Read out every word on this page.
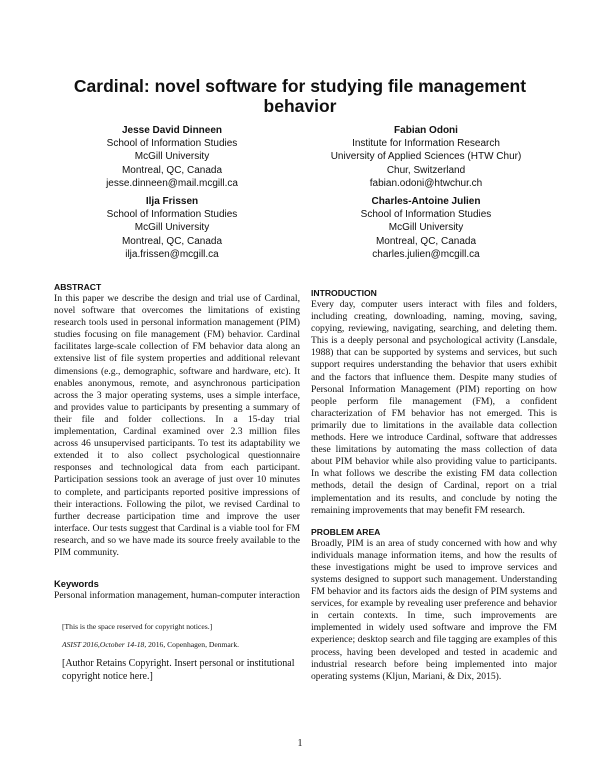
Cardinal: novel software for studying file management
behavior
Jesse David Dinneen
School of Information Studies
McGill University
Montreal, QC, Canada
jesse.dinneen@mail.mcgill.ca
Fabian Odoni
Institute for Information Research
University of Applied Sciences (HTW Chur)
Chur, Switzerland
fabian.odoni@htwchur.ch
Ilja Frissen
School of Information Studies
McGill University
Montreal, QC, Canada
ilja.frissen@mcgill.ca
Charles-Antoine Julien
School of Information Studies
McGill University
Montreal, QC, Canada
charles.julien@mcgill.ca
ABSTRACT

In this paper we describe the design and trial use of Cardinal, novel software that overcomes the limitations of existing research tools used in personal information management (PIM) studies focusing on file management (FM) behavior. Cardinal facilitates large-scale collection of FM behavior data along an extensive list of file system properties and additional relevant dimensions (e.g., demographic, software and hardware, etc). It enables anonymous, remote, and asynchronous participation across the 3 major operating systems, uses a simple interface, and provides value to participants by presenting a summary of their file and folder collections. In a 15-day trial implementation, Cardinal examined over 2.3 million files across 46 unsupervised participants. To test its adaptability we extended it to also collect psychological questionnaire responses and technological data from each participant. Participation sessions took an average of just over 10 minutes to complete, and participants reported positive impressions of their interactions. Following the pilot, we revised Cardinal to further decrease participation time and improve the user interface. Our tests suggest that Cardinal is a viable tool for FM research, and so we have made its source freely available to the PIM community.

Keywords

Personal information management, human-computer interaction

[This is the space reserved for copyright notices.]
ASIST 2016,October 14-18, 2016, Copenhagen, Denmark.

[Author Retains Copyright. Insert personal or institutional copyright notice here.]

INTRODUCTION

Every day, computer users interact with files and folders, including creating, downloading, naming, moving, saving, copying, reviewing, navigating, searching, and deleting them. This is a deeply personal and psychological activity (Lansdale, 1988) that can be supported by systems and services, but such support requires understanding the behavior that users exhibit and the factors that influence them. Despite many studies of Personal Information Management (PIM) reporting on how people perform file management (FM), a confident characterization of FM behavior has not emerged. This is primarily due to limitations in the available data collection methods. Here we introduce Cardinal, software that addresses these limitations by automating the mass collection of data about PIM behavior while also providing value to participants. In what follows we describe the existing FM data collection methods, detail the design of Cardinal, report on a trial implementation and its results, and conclude by noting the remaining improvements that may benefit FM research.

PROBLEM AREA

Broadly, PIM is an area of study concerned with how and why individuals manage information items, and how the results of these investigations might be used to improve services and systems designed to support such management. Understanding FM behavior and its factors aids the design of PIM systems and services, for example by revealing user preference and behavior in certain contexts. In time, such improvements are implemented in widely used software and improve the FM experience; desktop search and file tagging are examples of this process, having been developed and tested in academic and industrial research before being implemented into major operating systems (Kljun, Mariani, & Dix, 2015).

1
